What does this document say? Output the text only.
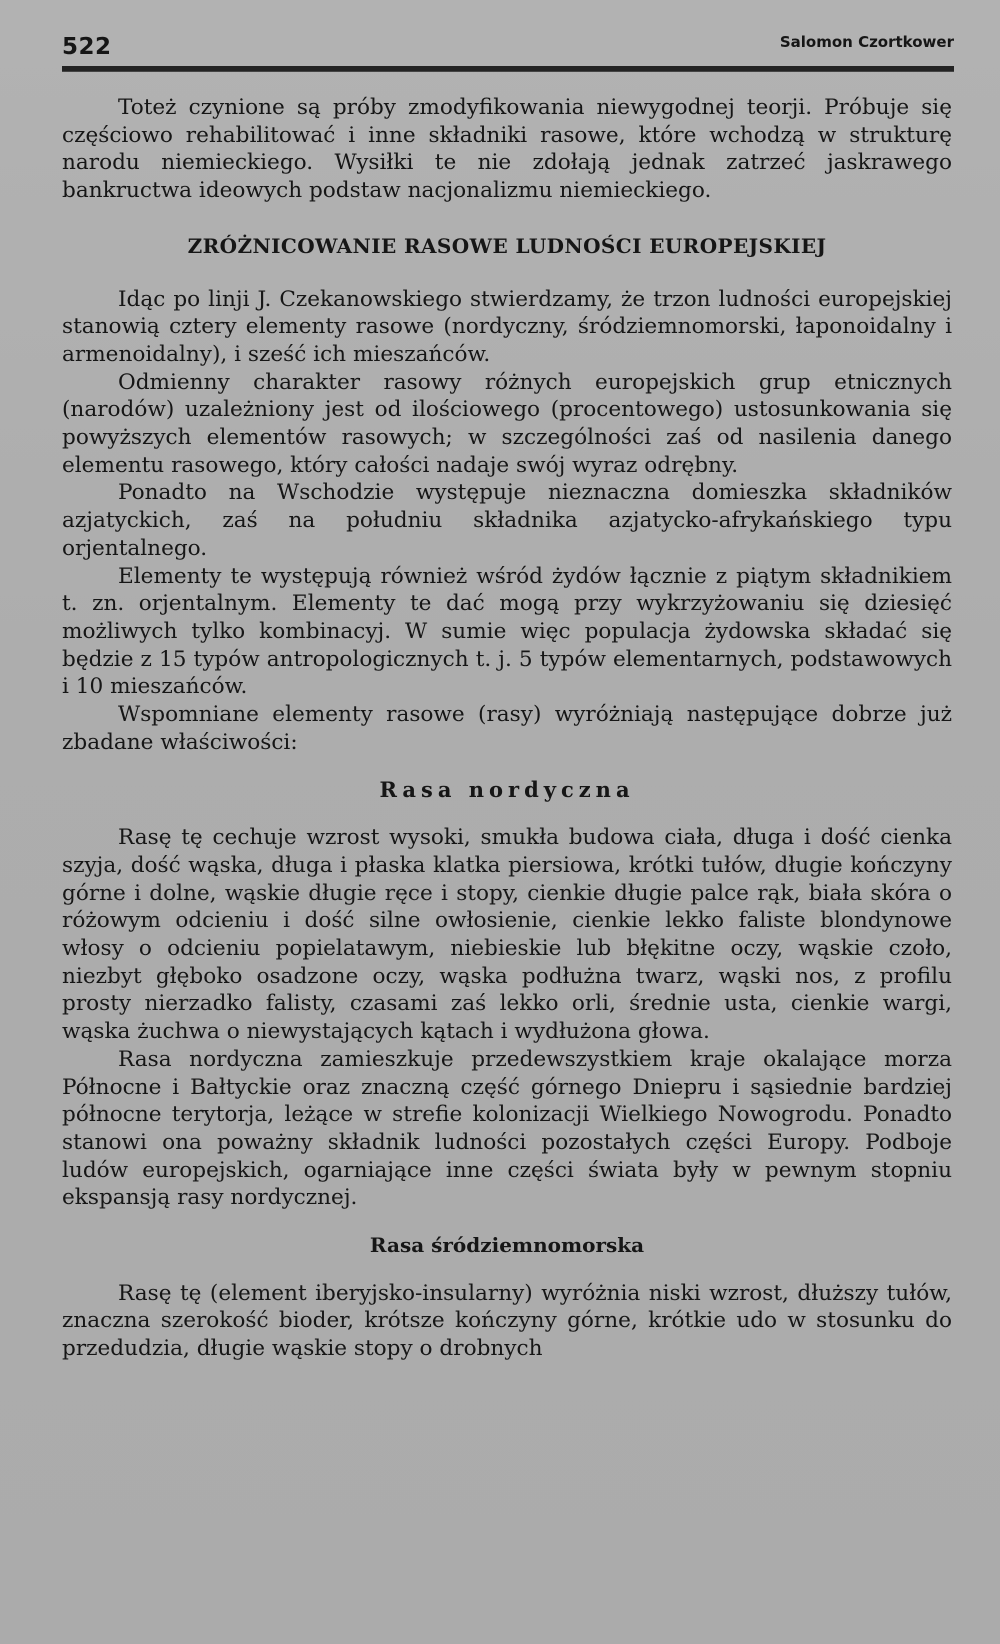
522	Salomon Czortkower

Toteż czynione są próby zmodyfikowania niewygodnej teorji. Próbuje się częściowo rehabilitować i inne składniki rasowe, które wchodzą w strukturę narodu niemieckiego. Wysiłki te nie zdołają jednak zatrzeć jaskrawego bankructwa ideowych podstaw nacjonalizmu niemieckiego.

ZRÓŻNICOWANIE RASOWE LUDNOŚCI EUROPEJSKIEJ

Idąc po linji J. Czekanowskiego stwierdzamy, że trzon ludności europejskiej stanowią cztery elementy rasowe (nordyczny, śródziemnomorski, łaponoidalny i armenoidalny), i sześć ich mieszańców.

Odmienny charakter rasowy różnych europejskich grup etnicznych (narodów) uzależniony jest od ilościowego (procentowego) ustosunkowania się powyższych elementów rasowych; w szczególności zaś od nasilenia danego elementu rasowego, który całości nadaje swój wyraz odrębny.

Ponadto na Wschodzie występuje nieznaczna domieszka składników azjatyckich, zaś na południu składnika azjatycko-afrykańskiego typu orjentalnego.

Elementy te występują również wśród żydów łącznie z piątym składnikiem t. zn. orjentalnym. Elementy te dać mogą przy wykrzyżowaniu się dziesięć możliwych tylko kombinacyj. W sumie więc populacja żydowska składać się będzie z 15 typów antropologicznych t. j. 5 typów elementarnych, podstawowych i 10 mieszańców.

Wspomniane elementy rasowe (rasy) wyróżniają następujące dobrze już zbadane właściwości:

Rasa nordyczna

Rasę tę cechuje wzrost wysoki, smukła budowa ciała, długa i dość cienka szyja, dość wąska, długa i płaska klatka piersiowa, krótki tułów, długie kończyny górne i dolne, wąskie długie ręce i stopy, cienkie długie palce rąk, biała skóra o różowym odcieniu i dość silne owłosienie, cienkie lekko faliste blondynowe włosy o odcieniu popielatawym, niebieskie lub błękitne oczy, wąskie czoło, niezbyt głęboko osadzone oczy, wąska podłużna twarz, wąski nos, z profilu prosty nierzadko falisty, czasami zaś lekko orli, średnie usta, cienkie wargi, wąska żuchwa o niewystających kątach i wydłużona głowa.

Rasa nordyczna zamieszkuje przedewszystkiem kraje okalające morza Północne i Bałtyckie oraz znaczną część górnego Dniepru i sąsiednie bardziej północne terytorja, leżące w strefie kolonizacji Wielkiego Nowogrodu. Ponadto stanowi ona poważny składnik ludności pozostałych części Europy. Podboje ludów europejskich, ogarniające inne części świata były w pewnym stopniu ekspansją rasy nordycznej.

Rasa śródziemnomorska

Rasę tę (element iberyjsko-insularny) wyróżnia niski wzrost, dłuższy tułów, znaczna szerokość bioder, krótsze kończyny górne, krótkie udo w stosunku do przedudzia, długie wąskie stopy o drobnych
